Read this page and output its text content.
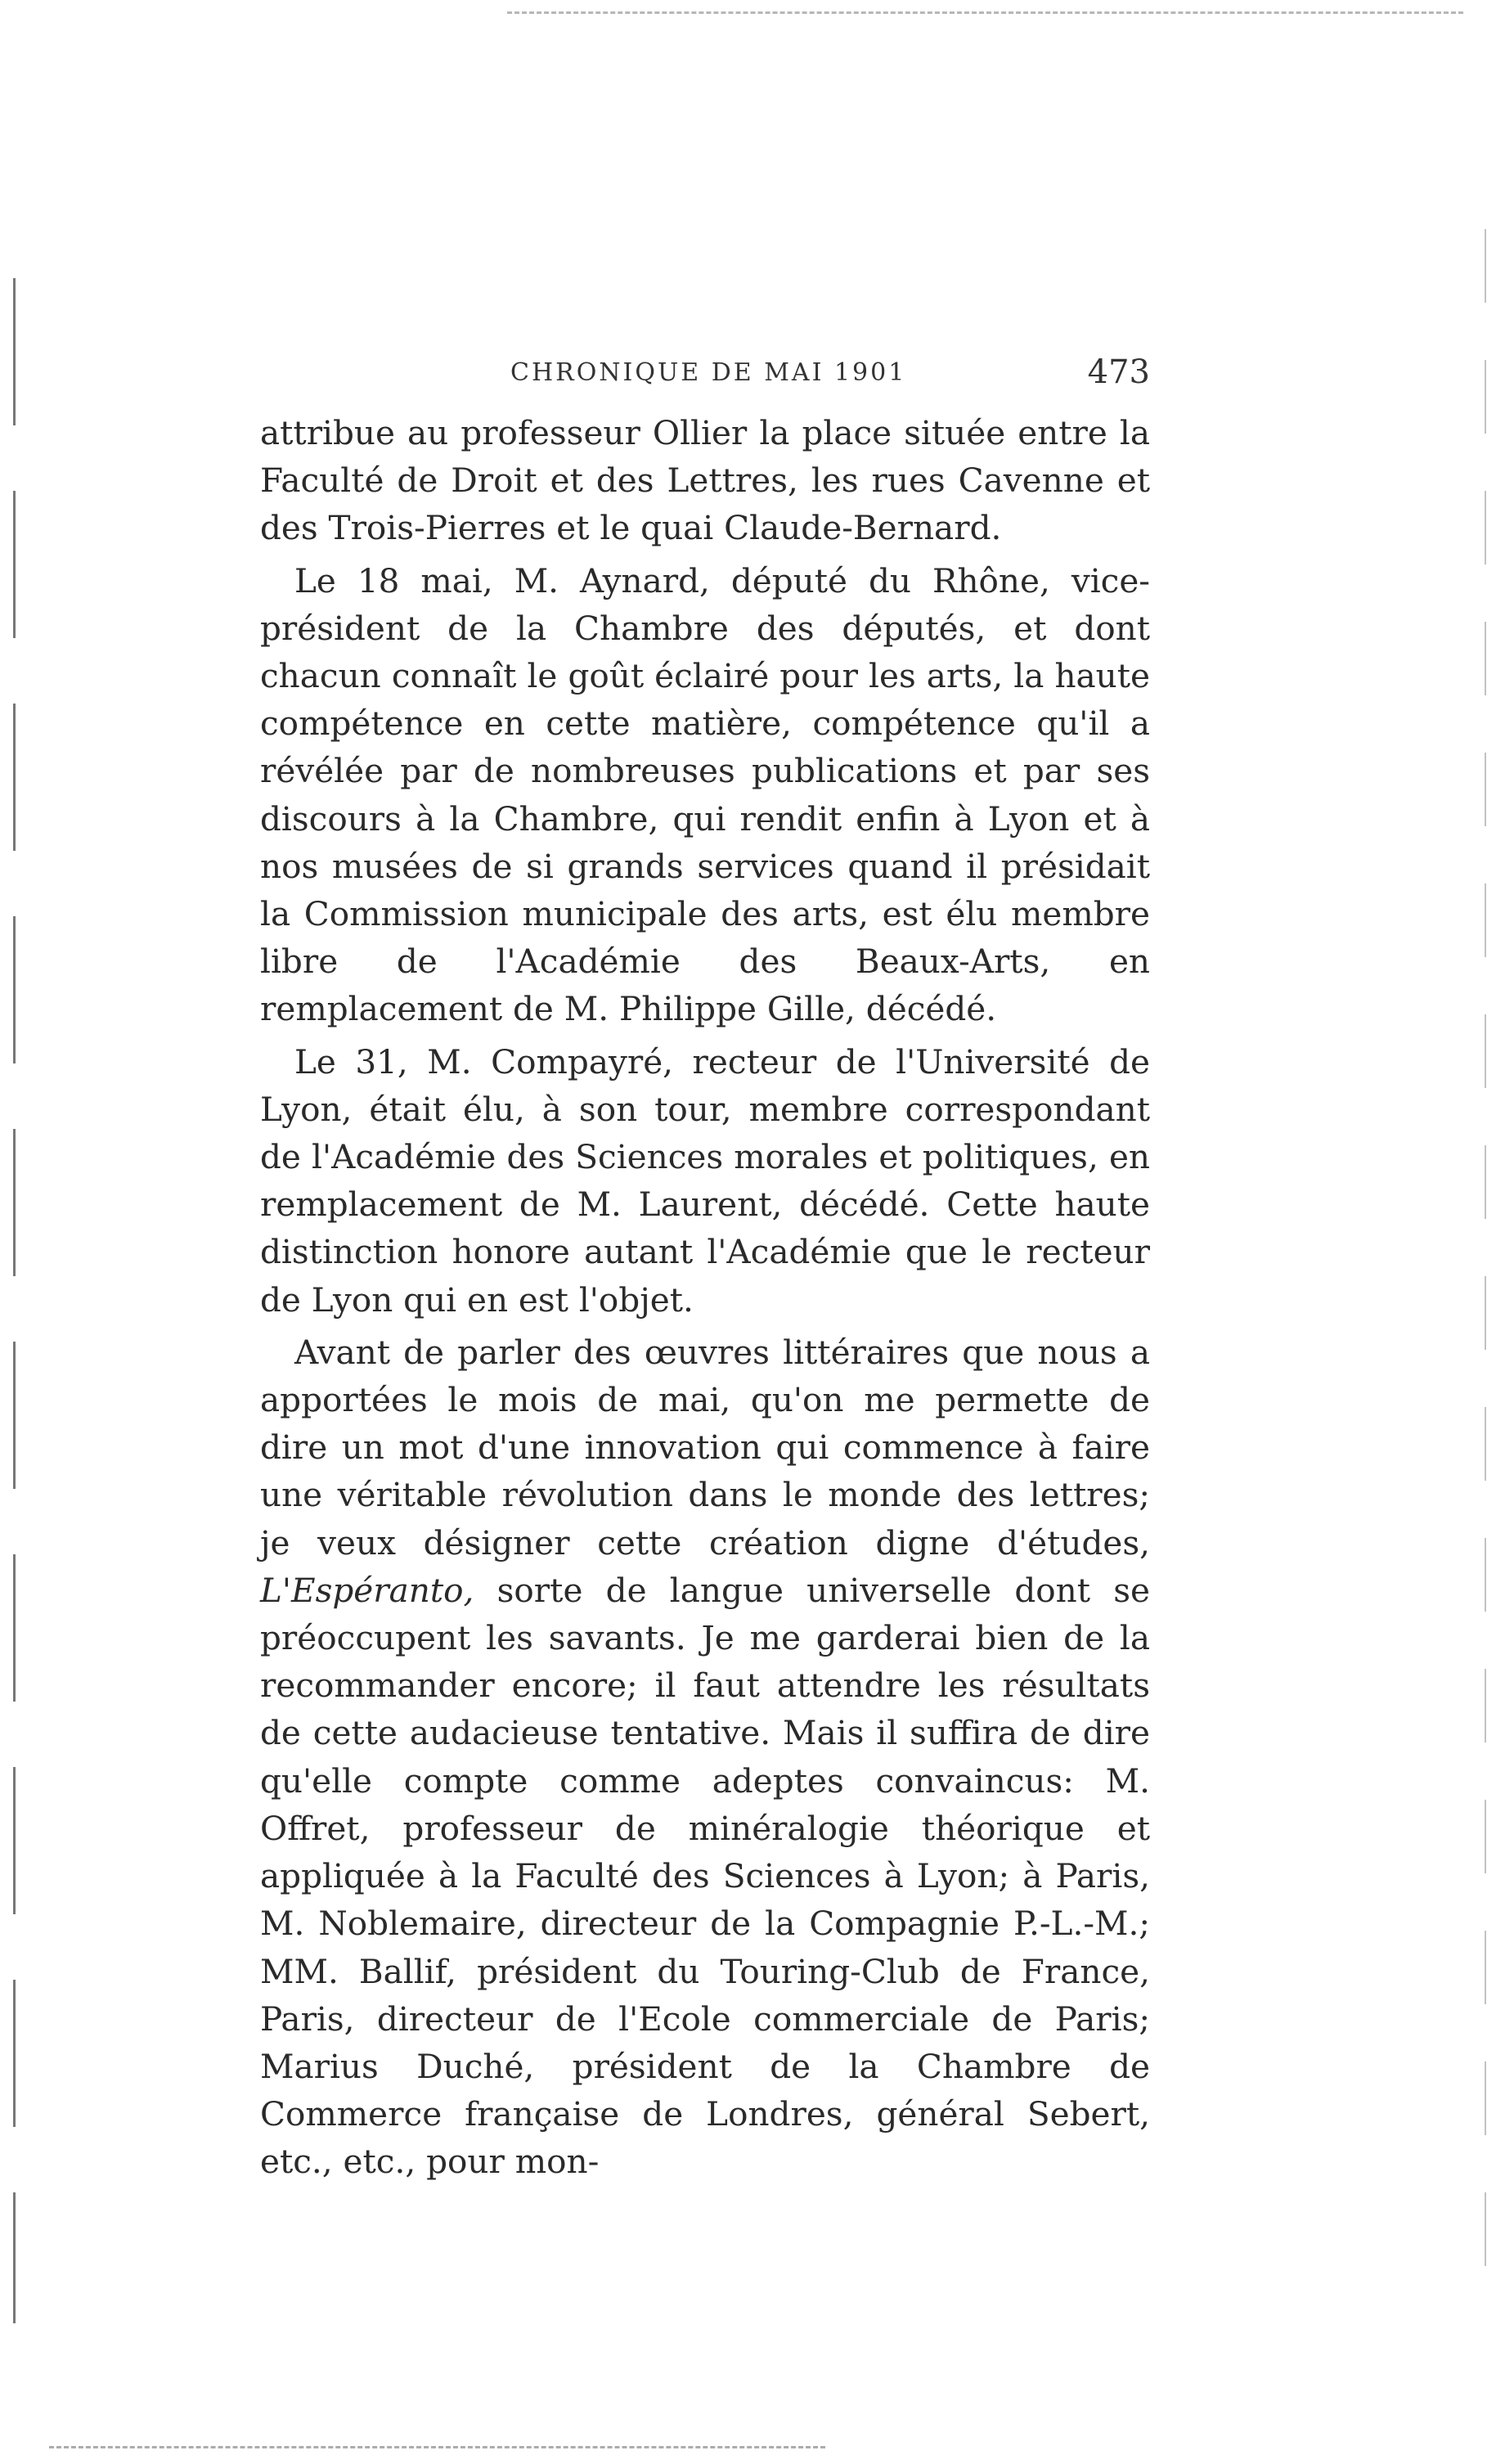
CHRONIQUE DE MAI 1901	473

attribue au professeur Ollier la place située entre la Faculté de Droit et des Lettres, les rues Cavenne et des Trois-Pierres et le quai Claude-Bernard.

Le 18 mai, M. Aynard, député du Rhône, vice-président de la Chambre des députés, et dont chacun connaît le goût éclairé pour les arts, la haute compétence en cette matière, compétence qu'il a révélée par de nombreuses publications et par ses discours à la Chambre, qui rendit enfin à Lyon et à nos musées de si grands services quand il présidait la Commission municipale des arts, est élu membre libre de l'Académie des Beaux-Arts, en remplacement de M. Philippe Gille, décédé.

Le 31, M. Compayré, recteur de l'Université de Lyon, était élu, à son tour, membre correspondant de l'Académie des Sciences morales et politiques, en remplacement de M. Laurent, décédé. Cette haute distinction honore autant l'Académie que le recteur de Lyon qui en est l'objet.

Avant de parler des œuvres littéraires que nous a apportées le mois de mai, qu'on me permette de dire un mot d'une innovation qui commence à faire une véritable révolution dans le monde des lettres; je veux désigner cette création digne d'études, L'Espéranto, sorte de langue universelle dont se préoccupent les savants. Je me garderai bien de la recommander encore; il faut attendre les résultats de cette audacieuse tentative. Mais il suffira de dire qu'elle compte comme adeptes convaincus: M. Offret, professeur de minéralogie théorique et appliquée à la Faculté des Sciences à Lyon; à Paris, M. Noblemaire, directeur de la Compagnie P.-L.-M.; MM. Ballif, président du Touring-Club de France, Paris, directeur de l'Ecole commerciale de Paris; Marius Duché, président de la Chambre de Commerce française de Londres, général Sebert, etc., etc., pour mon-
